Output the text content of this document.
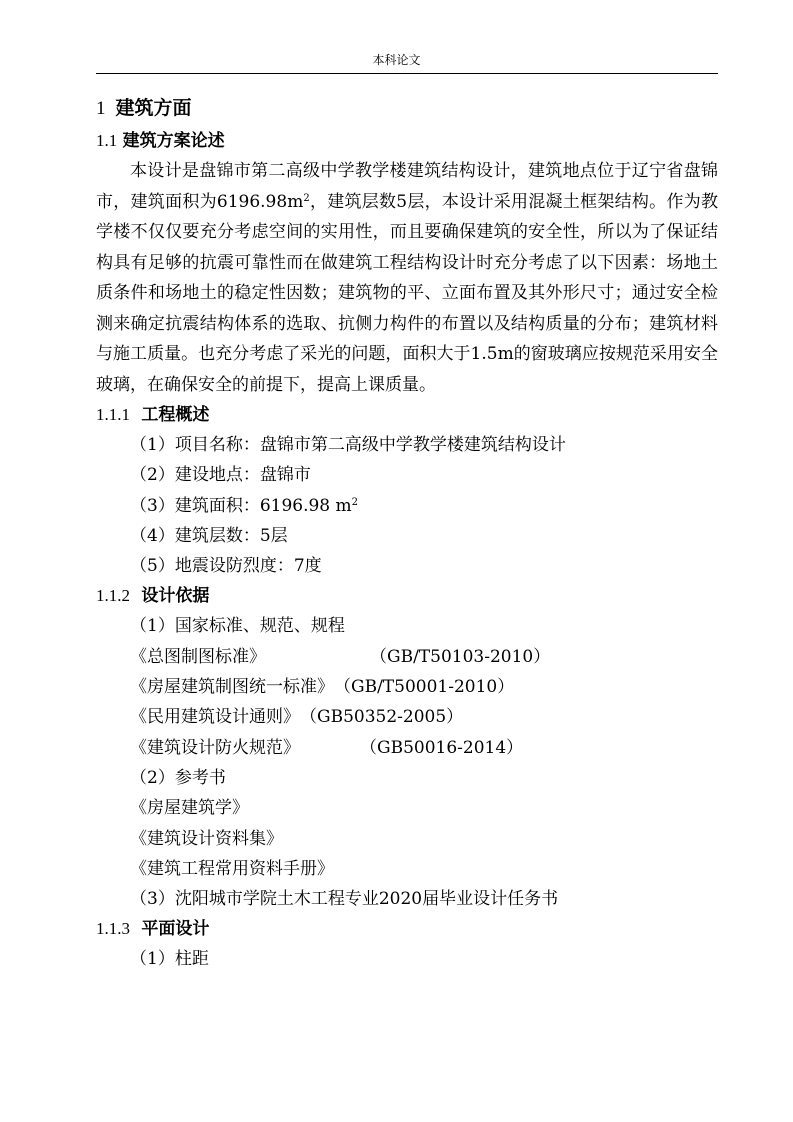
本科论文
1 建筑方面
1.1 建筑方案论述

本设计是盘锦市第二高级中学教学楼建筑结构设计，建筑地点位于辽宁省盘锦市，建筑面积为$6196.98m^2$，建筑层数5层，本设计采用混凝土框架结构。作为教学楼不仅仅要充分考虑空间的实用性，而且要确保建筑的安全性，所以为了保证结构具有足够的抗震可靠性而在做建筑工程结构设计时充分考虑了以下因素：场地土质条件和场地土的稳定性因数；建筑物的平、立面布置及其外形尺寸；通过安全检测来确定抗震结构体系的选取、抗侧力构件的布置以及结构质量的分布；建筑材料与施工质量。也充分考虑了采光的问题，面积大于1.5m的窗玻璃应按规范采用安全玻璃，在确保安全的前提下，提高上课质量。

1.1.1 工程概述
（1）项目名称：盘锦市第二高级中学教学楼建筑结构设计
（2）建设地点：盘锦市
（3）建筑面积：6196.98 $m^2$
（4）建筑层数：5层
（5）地震设防烈度：7度
1.1.2 设计依据
（1）国家标准、规范、规程
《总图制图标准》	（GB/T50103-2010）
《房屋建筑制图统一标准》（GB/T50001-2010）
《民用建筑设计通则》（GB50352-2005）
《建筑设计防火规范》	（GB50016-2014）
（2）参考书
《房屋建筑学》
《建筑设计资料集》
《建筑工程常用资料手册》
（3）沈阳城市学院土木工程专业2020届毕业设计任务书
1.1.3 平面设计
（1）柱距
